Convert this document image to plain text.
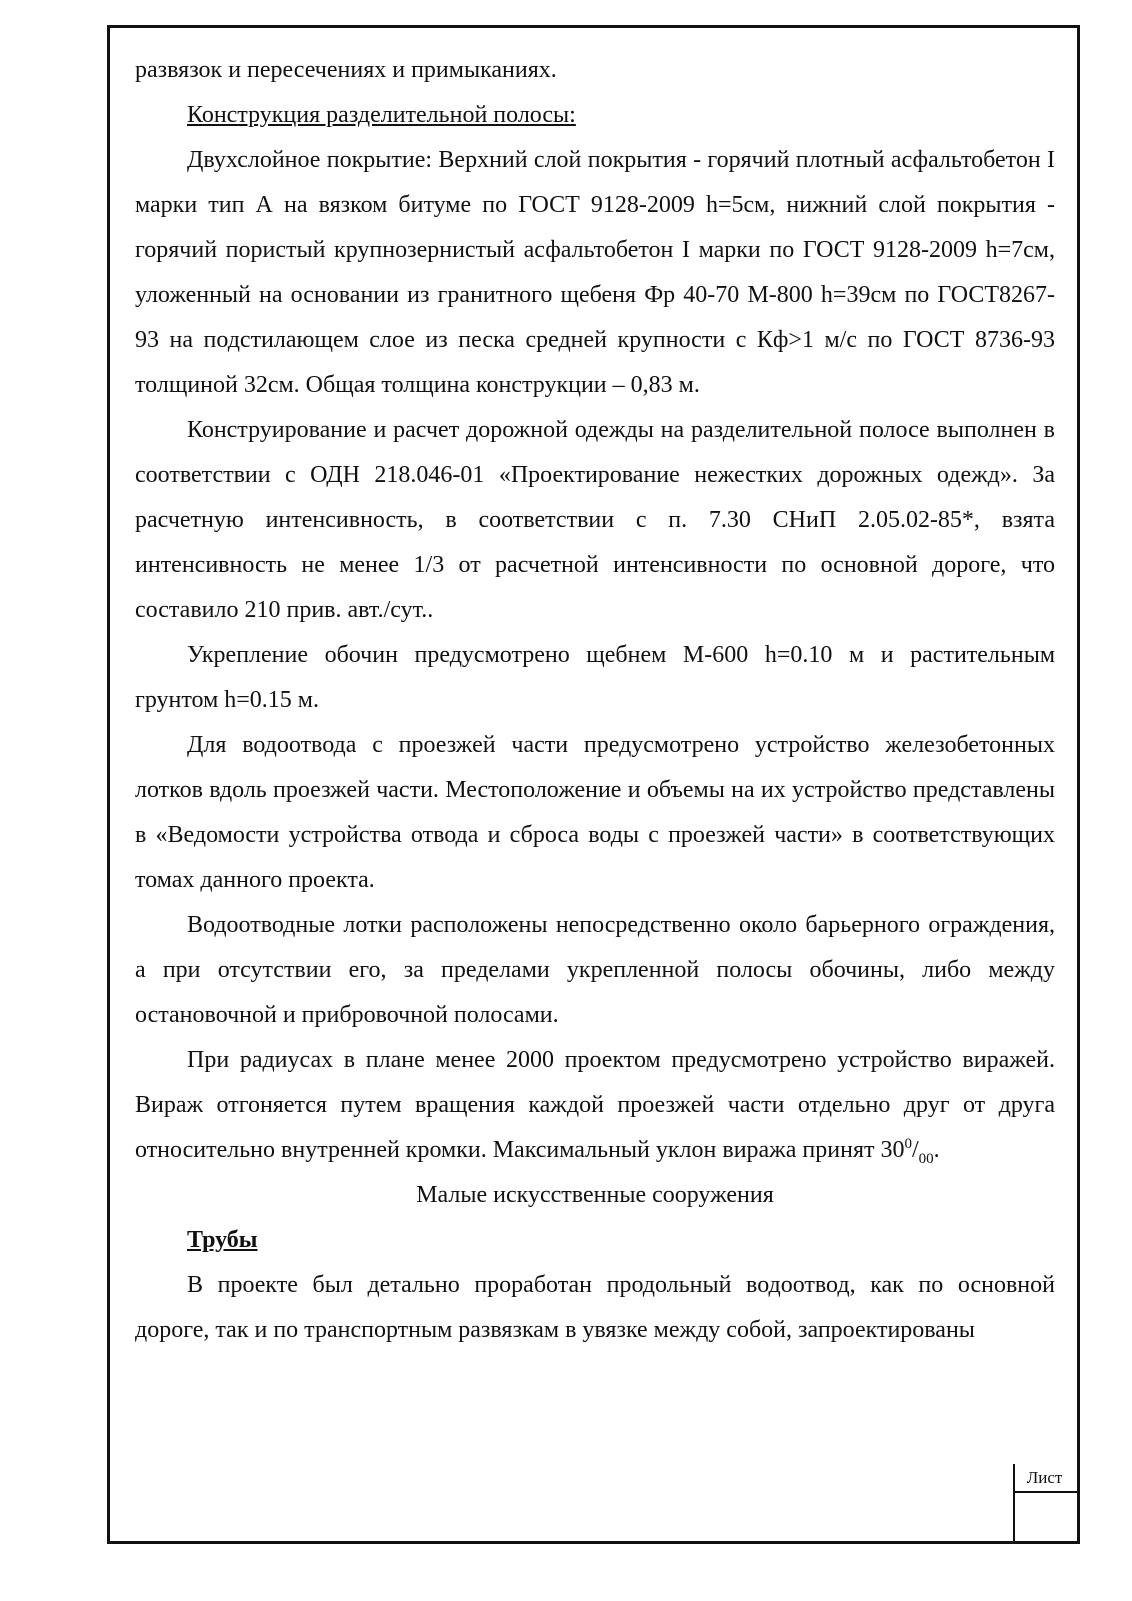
развязок и пересечениях и примыканиях.

Конструкция разделительной полосы:

Двухслойное покрытие: Верхний слой покрытия - горячий плотный асфальтобетон I марки тип А на вязком битуме по ГОСТ 9128-2009 h=5см, нижний слой покрытия - горячий пористый крупнозернистый асфальтобетон I марки по ГОСТ 9128-2009 h=7см, уложенный на основании из гранитного щебеня Фр 40-70 М-800 h=39см по ГОСТ8267-93 на подстилающем слое из песка средней крупности с Кф>1 м/с по ГОСТ 8736-93 толщиной 32см. Общая толщина конструкции – 0,83 м.

Конструирование и расчет дорожной одежды на разделительной полосе выполнен в соответствии с ОДН 218.046-01 «Проектирование нежестких дорожных одежд». За расчетную интенсивность, в соответствии с п. 7.30 СНиП 2.05.02-85*, взята интенсивность не менее 1/3 от расчетной интенсивности по основной дороге, что составило 210 прив. авт./сут..

Укрепление обочин предусмотрено щебнем М-600 h=0.10 м и растительным грунтом h=0.15 м.

Для водоотвода с проезжей части предусмотрено устройство железобетонных лотков вдоль проезжей части. Местоположение и объемы на их устройство представлены в «Ведомости устройства отвода и сброса воды с проезжей части» в соответствующих томах данного проекта.

Водоотводные лотки расположены непосредственно около барьерного ограждения, а при отсутствии его, за пределами укрепленной полосы обочины, либо между остановочной и прибровочной полосами.

При радиусах в плане менее 2000 проектом предусмотрено устройство виражей. Вираж отгоняется путем вращения каждой проезжей части отдельно друг от друга относительно внутренней кромки. Максимальный уклон виража принят $30^0/_{00}$.

Малые искусственные сооружения

Трубы

В проекте был детально проработан продольный водоотвод, как по основной дороге, так и по транспортным развязкам в увязке между собой, запроектированы

Лист
